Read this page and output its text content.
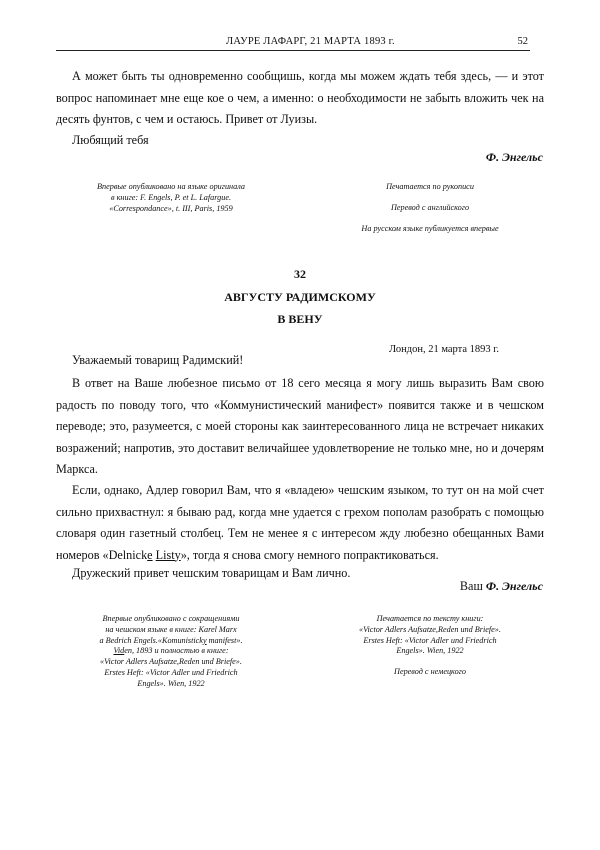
ЛАУРЕ ЛАФАРГ, 21 МАРТА 1893 г.	52
А может быть ты одновременно сообщишь, когда мы можем ждать тебя здесь, — и этот вопрос напоминает мне еще кое о чем, а именно: о необходимости не забыть вложить чек на десять фунтов, с чем и остаюсь. Привет от Луизы.
Любящий тебя
Ф. Энгельс
Впервые опубликовано на языке оригинала
в книге: F. Engels, P. et L. Lafargue.
«Correspondance», t. III, Paris, 1959
Печатается по рукописи
Перевод с английского
На русском языке публикуется впервые
32
АВГУСТУ РАДИМСКОМУ
В ВЕНУ
Лондон, 21 марта 1893 г.
Уважаемый товарищ Радимский!
В ответ на Ваше любезное письмо от 18 сего месяца я могу лишь выразить Вам свою радость по поводу того, что «Коммунистический манифест» появится также и в чешском переводе; это, разумеется, с моей стороны как заинтересованного лица не встречает никаких возражений; напротив, это доставит величайшее удовлетворение не только мне, но и дочерям Маркса.
Если, однако, Адлер говорил Вам, что я «владею» чешским языком, то тут он на мой счет сильно прихвастнул: я бываю рад, когда мне удается с грехом пополам разобрать с помощью словаря один газетный столбец. Тем не менее я с интересом жду любезно обещанных Вами номеров «Delnicke Listy», тогда я снова смогу немного попрактиковаться.
Дружеский привет чешским товарищам и Вам лично.
Ваш Ф. Энгельс
Впервые опубликовано с сокращениями
на чешском языке в книге: Karel Marx
a Bedrich Engels.«Komunisticky manifest».
Viden, 1893 и полностью в книге:
«Victor Adlers Aufsatze,Reden und Briefe».
Erstes Heft: «Victor Adler und Friedrich
Engels». Wien, 1922
Печатается по тексту книги:
«Victor Adlers Aufsatze,Reden und Briefe».
Erstes Heft: «Victor Adler und Friedrich
Engels». Wien, 1922
Перевод с немецкого
